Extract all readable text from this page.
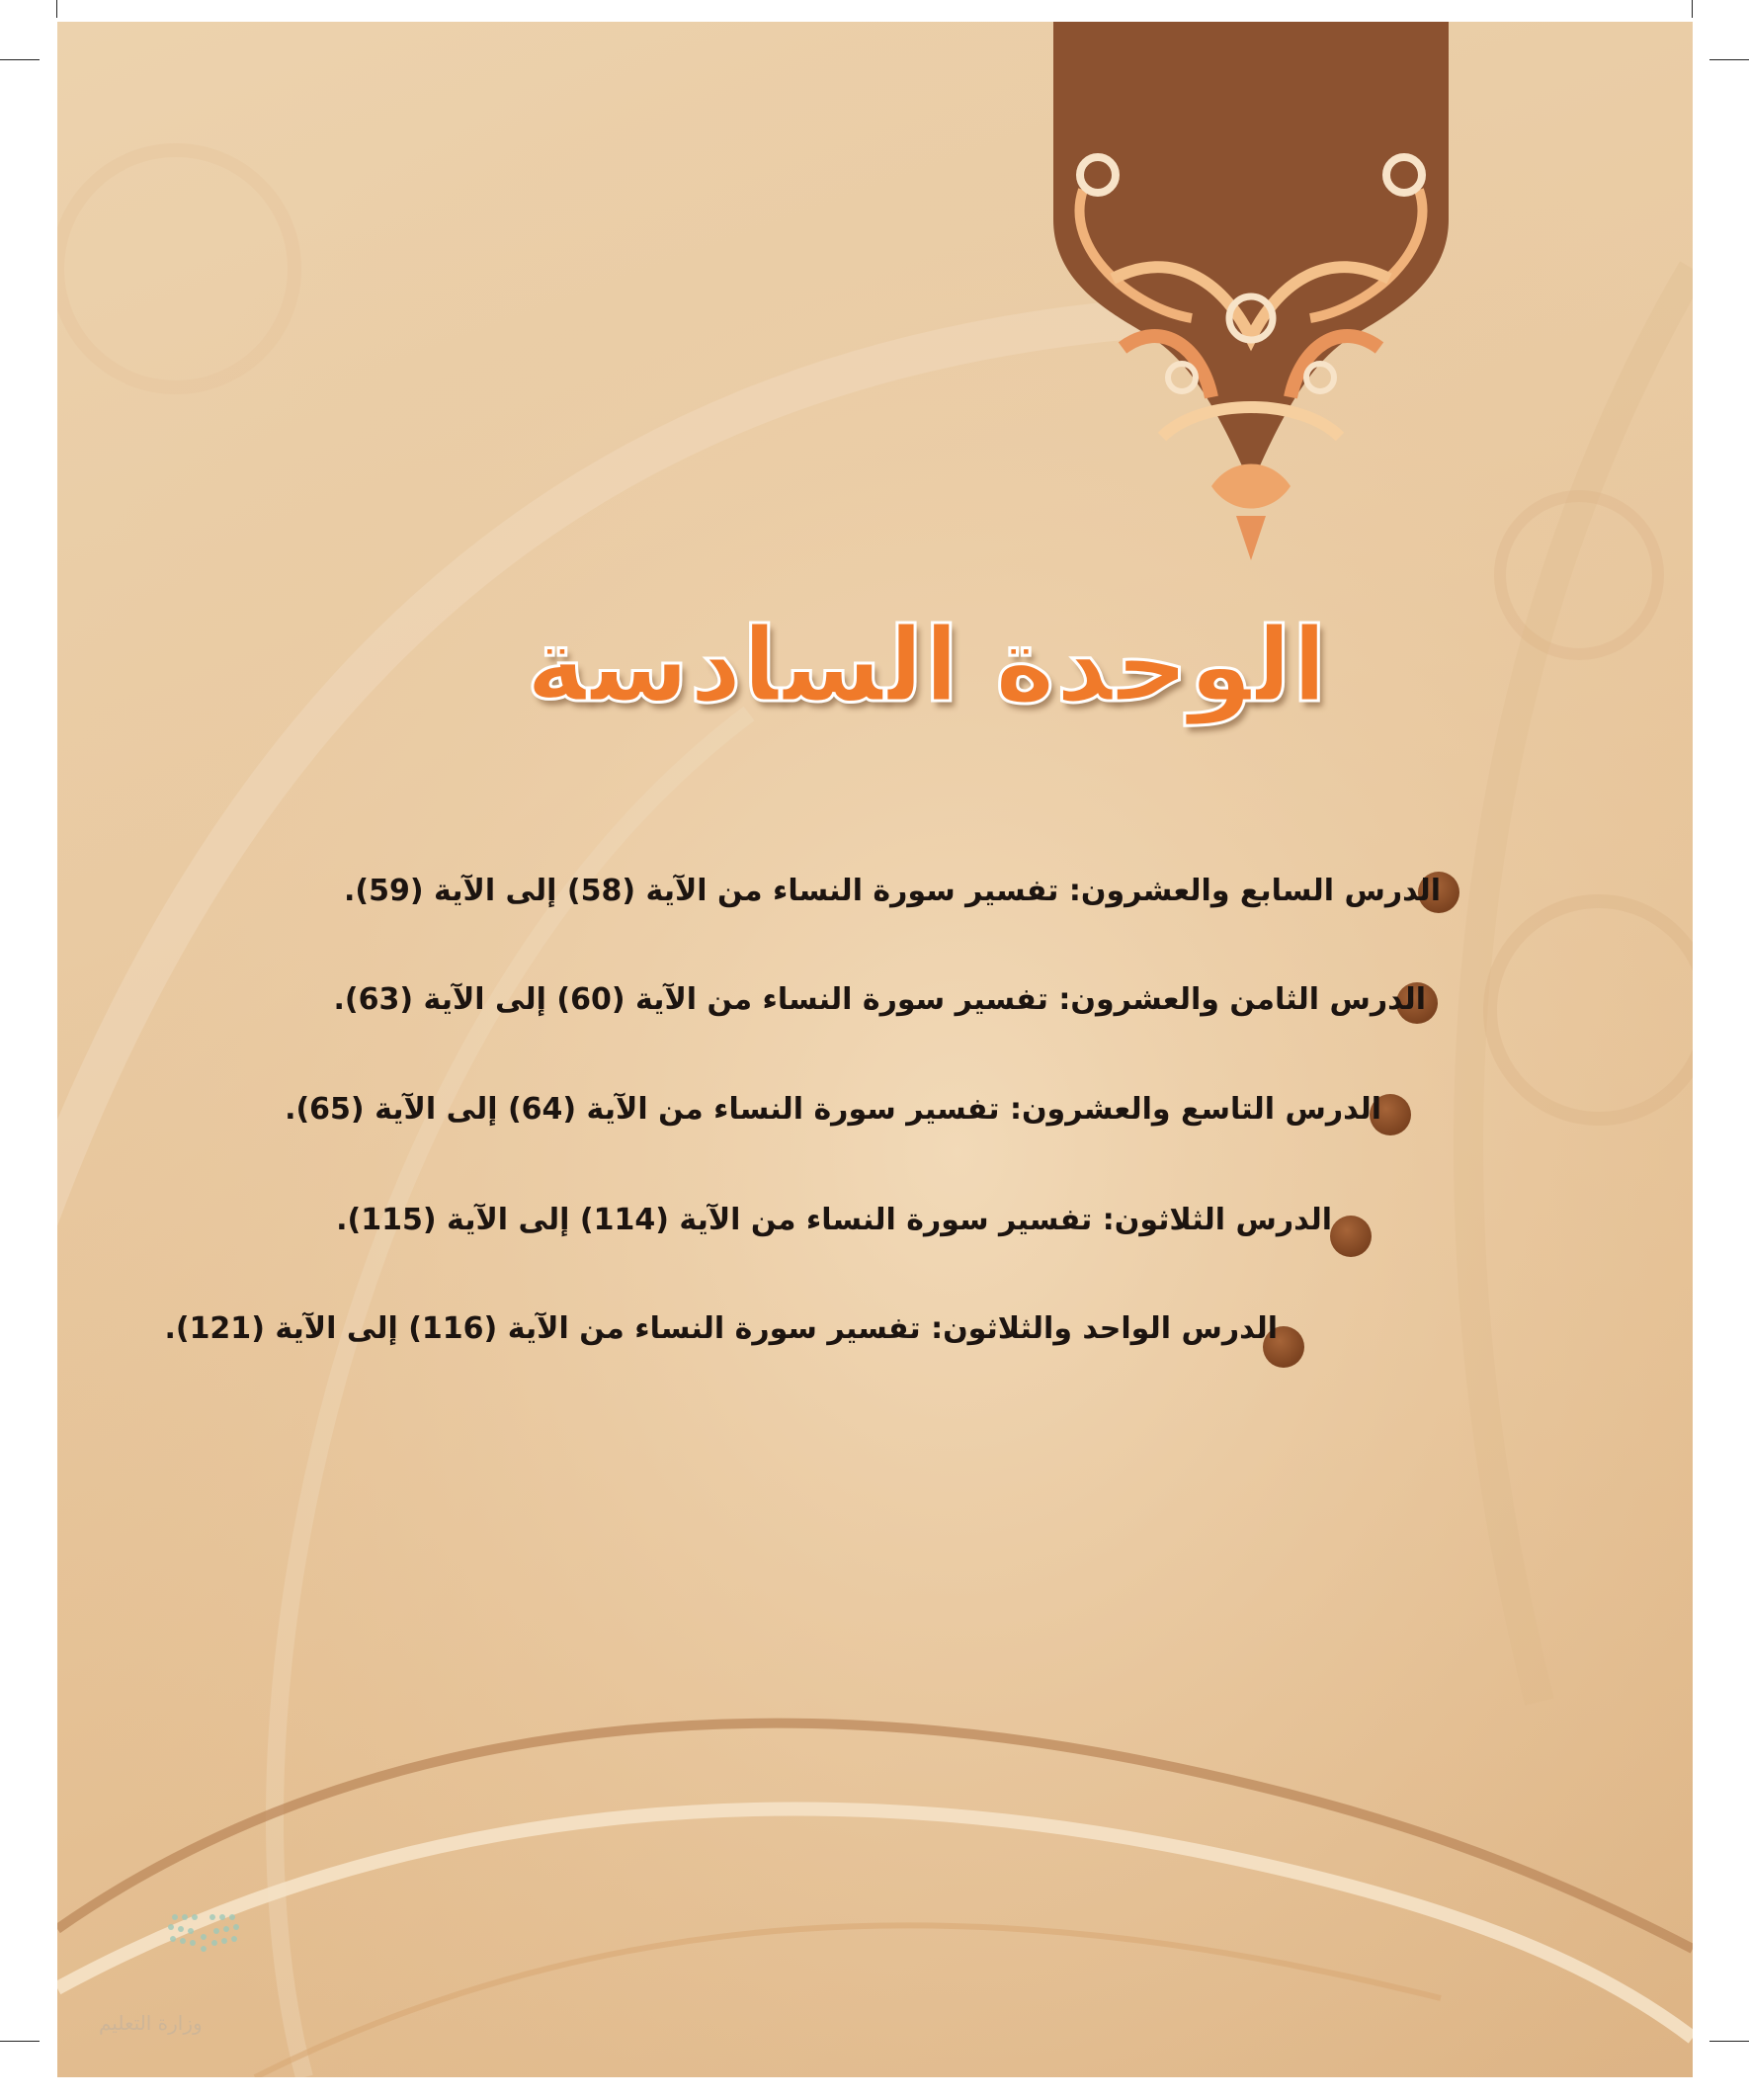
الوحدة السادسة
الدرس السابع والعشرون: تفسير سورة النساء من الآية (58) إلى الآية (59).
الدرس الثامن والعشرون: تفسير سورة النساء من الآية (60) إلى الآية (63).
الدرس التاسع والعشرون: تفسير سورة النساء من الآية (64) إلى الآية (65).
الدرس الثلاثون: تفسير سورة النساء من الآية (114) إلى الآية (115).
الدرس الواحد والثلاثون: تفسير سورة النساء من الآية (116) إلى الآية (121).
وزارة التعليم
